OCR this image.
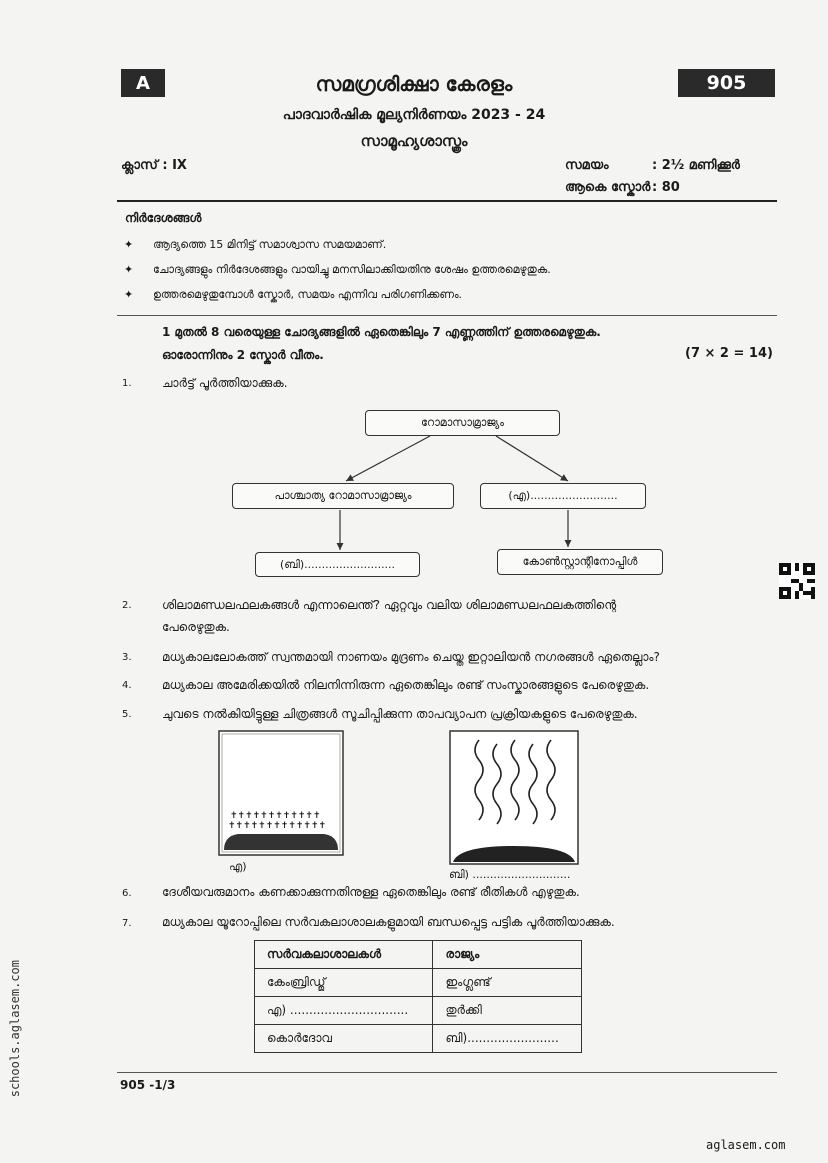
A	905
സമഗ്രശിക്ഷാ കേരളം
പാദവാർഷിക മൂല്യനിർണയം 2023 - 24
സാമൂഹ്യശാസ്ത്രം
ക്ലാസ് : IX	സമയം	: 2½ മണിക്കൂർ
ആകെ സ്കോർ : 80
നിർദേശങ്ങൾ
✦ ആദ്യത്തെ 15 മിനിട്ട് സമാശ്വാസ സമയമാണ്.
✦ ചോദ്യങ്ങളും നിർദേശങ്ങളും വായിച്ചു മനസിലാക്കിയതിനു ശേഷം ഉത്തരമെഴുതുക.
✦ ഉത്തരമെഴുതുമ്പോൾ സ്കോർ, സമയം എന്നിവ പരിഗണിക്കണം.
1 മുതൽ 8 വരെയുള്ള ചോദ്യങ്ങളിൽ ഏതെങ്കിലും 7 എണ്ണത്തിന് ഉത്തരമെഴുതുക.
ഓരോന്നിനും 2 സ്കോർ വീതം.	(7 × 2 = 14)
1.	ചാർട്ട് പൂർത്തിയാക്കുക.
റോമാസാമ്രാജ്യം
പാശ്ചാത്യ റോമാസാമ്രാജ്യം	(എ).........................
(ബി)..........................	കോൺസ്റ്റാന്റിനോപ്പിൾ
2.	ശിലാമണ്ഡലഫലകങ്ങൾ എന്നാലെന്ത്? ഏറ്റവും വലിയ ശിലാമണ്ഡലഫലകത്തിന്റെ
പേരെഴുതുക.
3.	മധ്യകാലലോകത്ത് സ്വന്തമായി നാണയം മുദ്രണം ചെയ്ത ഇറ്റാലിയൻ നഗരങ്ങൾ ഏതെല്ലാം?
4.	മധ്യകാല അമേരിക്കയിൽ നിലനിന്നിരുന്ന ഏതെങ്കിലും രണ്ട് സംസ്കാരങ്ങളുടെ പേരെഴുതുക.
5.	ചുവടെ നൽകിയിട്ടുള്ള ചിത്രങ്ങൾ സൂചിപ്പിക്കുന്ന താപവ്യാപന പ്രക്രിയകളുടെ പേരെഴുതുക.
✝✝✝✝✝✝✝✝✝✝✝✝✝
✝✝✝✝✝✝✝✝✝✝✝✝
എ)
ബി) ............................
6.	ദേശീയവരുമാനം കണക്കാക്കുന്നതിനുള്ള ഏതെങ്കിലും രണ്ട് രീതികൾ എഴുതുക.
7.	മധ്യകാല യൂറോപ്പിലെ സർവകലാശാലകളുമായി ബന്ധപ്പെട്ട പട്ടിക പൂർത്തിയാക്കുക.
സർവകലാശാലകൾ	രാജ്യം
കേംബ്രിഡ്ജ്	ഇംഗ്ലണ്ട്
എ) ...............................	തുർക്കി
കൊർദോവ	ബി)........................
905 -1/3
aglasem.com
schools.aglasem.com
